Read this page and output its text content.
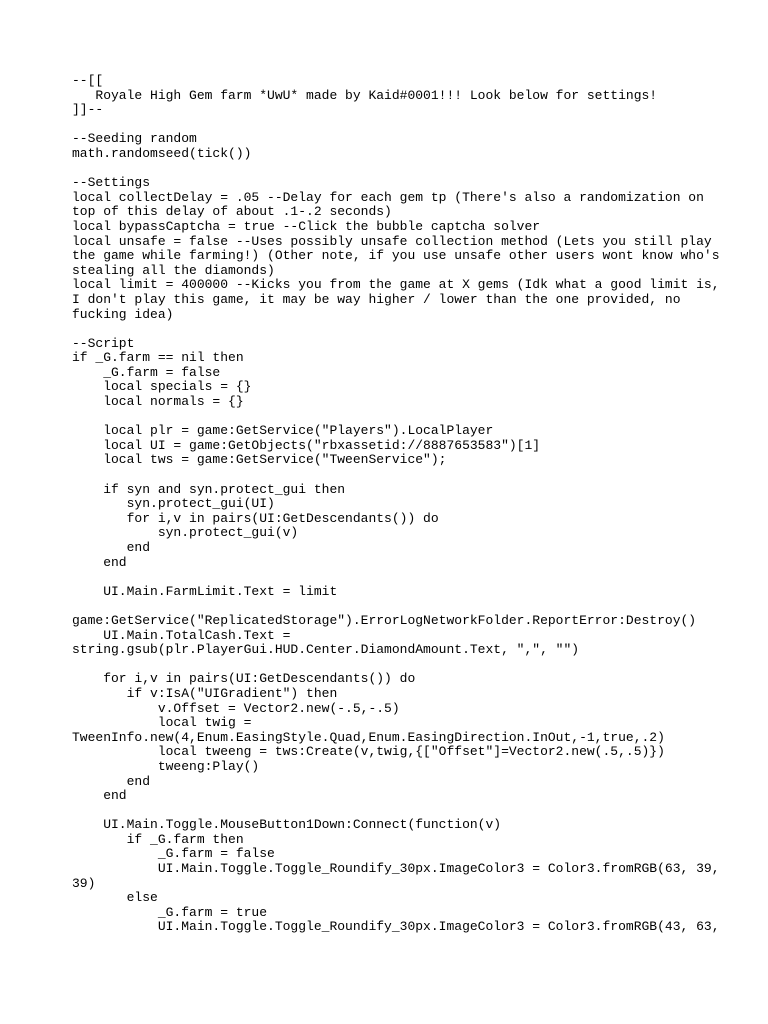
--[[
Royale High Gem farm *UwU* made by Kaid#0001!!! Look below for settings!
]]--
--Seeding random
math.randomseed(tick())
--Settings
local collectDelay = .05 --Delay for each gem tp (There's also a randomization on
top of this delay of about .1-.2 seconds)
local bypassCaptcha = true --Click the bubble captcha solver
local unsafe = false --Uses possibly unsafe collection method (Lets you still play
the game while farming!) (Other note, if you use unsafe other users wont know who's
stealing all the diamonds)
local limit = 400000 --Kicks you from the game at X gems (Idk what a good limit is,
I don't play this game, it may be way higher / lower than the one provided, no
fucking idea)
--Script
if _G.farm == nil then
_G.farm = false
local specials = {}
local normals = {}
local plr = game:GetService("Players").LocalPlayer
local UI = game:GetObjects("rbxassetid://8887653583")[1]
local tws = game:GetService("TweenService");
if syn and syn.protect_gui then
syn.protect_gui(UI)
for i,v in pairs(UI:GetDescendants()) do
syn.protect_gui(v)
end
end
UI.Main.FarmLimit.Text = limit
game:GetService("ReplicatedStorage").ErrorLogNetworkFolder.ReportError:Destroy()
UI.Main.TotalCash.Text =
string.gsub(plr.PlayerGui.HUD.Center.DiamondAmount.Text, ",", "")
for i,v in pairs(UI:GetDescendants()) do
if v:IsA("UIGradient") then
v.Offset = Vector2.new(-.5,-.5)
local twig =
TweenInfo.new(4,Enum.EasingStyle.Quad,Enum.EasingDirection.InOut,-1,true,.2)
local tweeng = tws:Create(v,twig,{["Offset"]=Vector2.new(.5,.5)})
tweeng:Play()
end
end
UI.Main.Toggle.MouseButton1Down:Connect(function(v)
if _G.farm then
_G.farm = false
UI.Main.Toggle.Toggle_Roundify_30px.ImageColor3 = Color3.fromRGB(63, 39,
39)
else
_G.farm = true
UI.Main.Toggle.Toggle_Roundify_30px.ImageColor3 = Color3.fromRGB(43, 63,
